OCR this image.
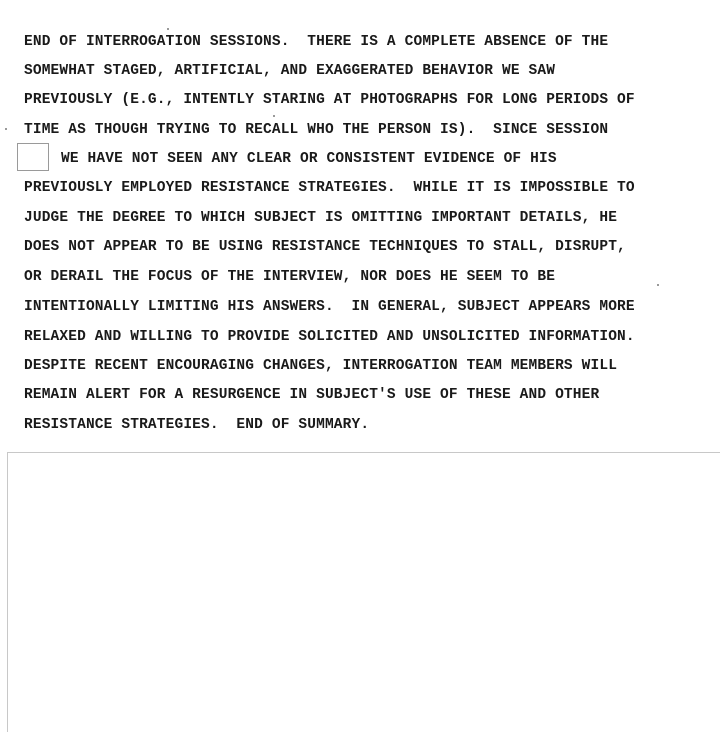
END OF INTERROGATION SESSIONS.  THERE IS A COMPLETE ABSENCE OF THE
SOMEWHAT STAGED, ARTIFICIAL, AND EXAGGERATED BEHAVIOR WE SAW
PREVIOUSLY (E.G., INTENTLY STARING AT PHOTOGRAPHS FOR LONG PERIODS OF
TIME AS THOUGH TRYING TO RECALL WHO THE PERSON IS).  SINCE SESSION
WE HAVE NOT SEEN ANY CLEAR OR CONSISTENT EVIDENCE OF HIS
PREVIOUSLY EMPLOYED RESISTANCE STRATEGIES.  WHILE IT IS IMPOSSIBLE TO
JUDGE THE DEGREE TO WHICH SUBJECT IS OMITTING IMPORTANT DETAILS, HE
DOES NOT APPEAR TO BE USING RESISTANCE TECHNIQUES TO STALL, DISRUPT,
OR DERAIL THE FOCUS OF THE INTERVIEW, NOR DOES HE SEEM TO BE
INTENTIONALLY LIMITING HIS ANSWERS.  IN GENERAL, SUBJECT APPEARS MORE
RELAXED AND WILLING TO PROVIDE SOLICITED AND UNSOLICITED INFORMATION.
DESPITE RECENT ENCOURAGING CHANGES, INTERROGATION TEAM MEMBERS WILL
REMAIN ALERT FOR A RESURGENCE IN SUBJECT'S USE OF THESE AND OTHER
RESISTANCE STRATEGIES.  END OF SUMMARY.
